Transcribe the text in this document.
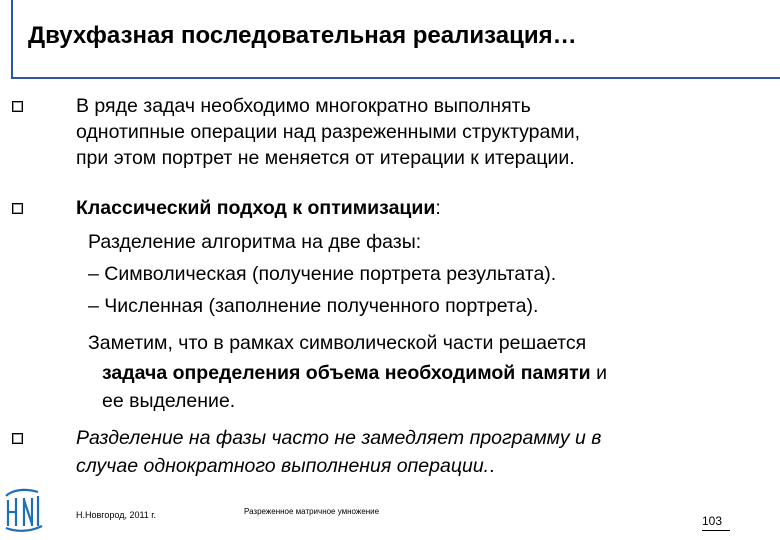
Двухфазная последовательная реализация…
В ряде задач необходимо многократно выполнять
однотипные операции над разреженными структурами,
при этом портрет не меняется от итерации к итерации.
Классический подход к оптимизации:
Разделение алгоритма на две фазы:
– Символическая (получение портрета результата).
– Численная (заполнение полученного портрета).
Заметим, что в рамках символической части решается
задача определения объема необходимой памяти и
ее выделение.
Разделение на фазы часто не замедляет программу и в
случае однократного выполнения операции..
Н.Новгород, 2011 г.	Разреженное матричное умножение
103
